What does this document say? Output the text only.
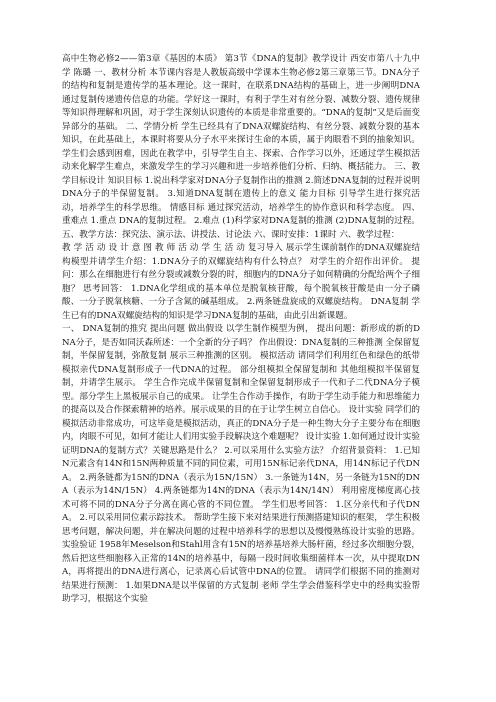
高中生物必修2——第3章《基因的本质》 第3节《DNA的复制》教学设计 西安市第八十九中学 陈璐 一、教材分析 本节课内容是人教版高级中学课本生物必修2第三章第三节。DNA分子的结构和复制是遗传学的基本理论。这一课时，在联系DNA结构的基础上，进一步阐明DNA通过复制传递遗传信息的功能。学好这一课时，有利于学生对有丝分裂、减数分裂、遗传规律等知识得理解和巩固，对于学生深刻认识遗传的本质是非常重要的。“DNA的复制”又是后面变异部分的基础。 二、学情分析 学生已经具有了DNA双螺旋结构、有丝分裂、减数分裂的基本知识，在此基础上，本课时将要从分子水平来探讨生命的本质，属于肉眼看不到的抽象知识。学生们会感到困难，因此在教学中，引导学生自主、探索、合作学习以外，还通过学生模拟活动来化解学生难点，来激发学生的学习兴趣和进一步培养他们分析、归纳、概括能力。 三、教学目标设计 知识目标 1.说出科学家对DNA分子复制作出的推测 2.简述DNA复制的过程并说明DNA分子的半保留复制。 3.知道DNA复制在遗传上的意义 能力目标 引导学生进行探究活动，培养学生的科学思维。 情感目标 通过探究活动，培养学生的协作意识和科学态度。 四、重难点 1.重点 DNA的复制过程。 2.难点 (1)科学家对DNA复制的推测 (2)DNA复制的过程。 五、教学方法：探究法、演示法、讲授法、讨论法 六、课时安排：1课时 六、教学过程：

教 学 活 动 设 计 意 图 教 师 活 动 学 生 活 动 复习导入 展示学生课前制作的DNA双螺旋结构模型并请学生介绍：1.DNA分子的双螺旋结构有什么特点？ 对学生的介绍作出评价。 提问：那么在细胞进行有丝分裂或减数分裂的时，细胞内的DNA分子如何精确的分配给两个子细胞？ 思考回答： 1.DNA化学组成的基本单位是脱氧核苷酸，每个脱氧核苷酸是由一分子磷酸、一分子脱氧核糖、一分子含氮的碱基组成。 2.两条链盘旋成的双螺旋结构。 DNA复制 学生已有的DNA双螺旋结构的知识是学习DNA复制的基础，由此引出新课题。

一、 DNA复制的推究 提出问题 做出假设 以学生制作模型为例， 提出问题：新形成的新的DNA分子，是否如同沃森所述：一个全新的分子吗？ 作出假设：DNA复制的三种推测 全保留复制，半保留复制，弥散复制 展示三种推测的区别。 模拟活动 请同学们利用红色和绿色的纸带模拟亲代DNA复制形成子一代DNA的过程。 部分组模拟全保留复制和 其他组模拟半保留复制，并请学生展示。 学生合作完成半保留复制和全保留复制形成子一代和子二代DNA分子模型。部分学生上黑板展示自己的成果。 让学生合作动手操作，有助于学生动手能力和思维能力的提高以及合作探索精神的培养。展示成果的目的在于让学生树立自信心。 设计实验 同学们的模拟活动非常成功，可这毕竟是模拟活动，真正的DNA分子是一种生物大分子主要分布在细胞内，肉眼不可见，如何才能让人们用实验手段解决这个难题呢？ 设计实验 1.如何通过设计实验证明DNA的复制方式？关键思路是什么？ 2.可以采用什么实验方法？ 介绍背景资料： 1.已知N元素含有14N和15N两种质量不同的同位素，可用15N标记亲代DNA，用14N标记子代DNA。 2.两条链都为15N的DNA（表示为15N/15N） 3.一条链为14N，另一条链为15N的DNA（表示为14N/15N） 4.两条链都为14N的DNA（表示为14N/14N） 利用密度梯度离心技术可将不同的DNA分子分离在离心管的不同位置。 学生们思考回答： 1.区分亲代和子代DNA。 2.可以采用同位素示踪技术。 帮助学生接下来对结果进行预测搭建知识的框架， 学生积极思考问题，解决问题，并在解决问题的过程中培养科学的思想以及慢慢熟练设计实验的思路。 实验验证 1958年Meselson和Stahl用含有15N的培养基培养大肠杆菌，经过多次细胞分裂，然后把这些细胞移入正常的14N的培养基中，每隔一段时间收集细菌样本一次，从中提取DNA，再将提出的DNA进行离心，记录离心后试管中DNA的位置。 请同学们根据不同的推测对结果进行预测： 1.如果DNA是以半保留的方式复制 老师 学生学会借鉴科学史中的经典实验帮助学习，根据这个实验
